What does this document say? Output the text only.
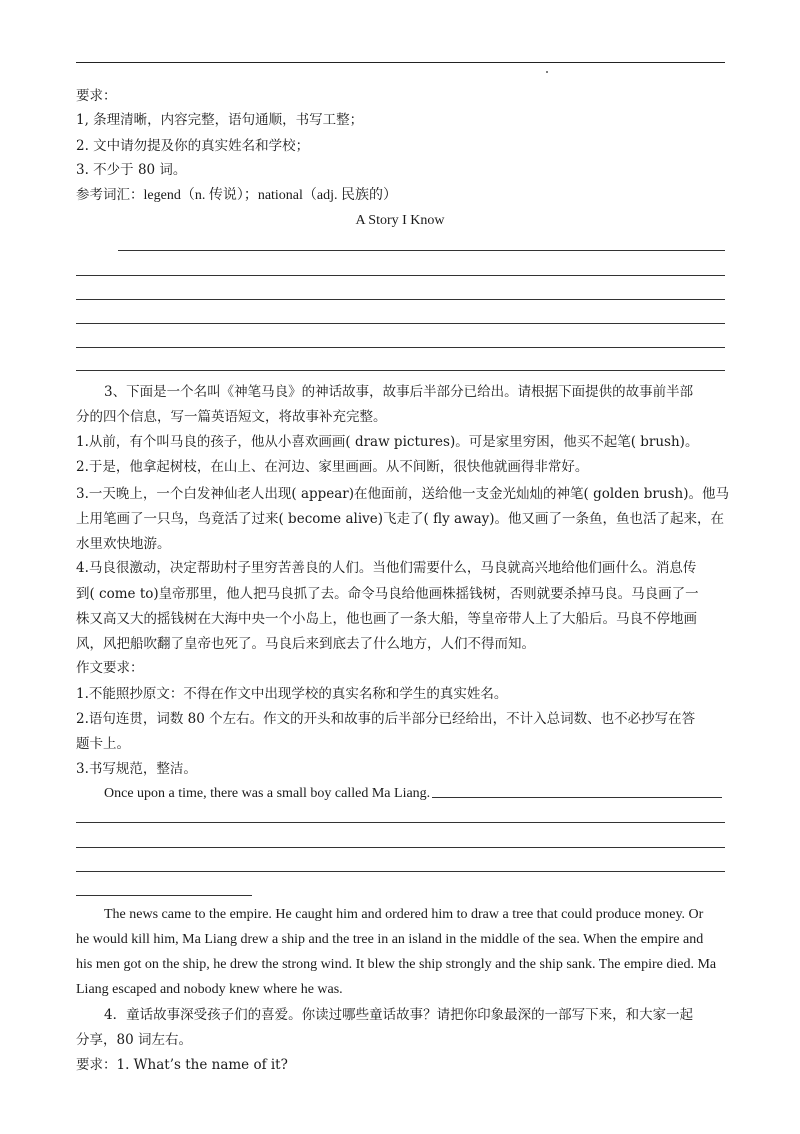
要求：
1, 条理清晰，内容完整，语句通顺，书写工整；
2. 文中请勿提及你的真实姓名和学校；
3. 不少于 80 词。
参考词汇：legend（n. 传说）；national（adj. 民族的）
A Story I Know
3、下面是一个名叫《神笔马良》的神话故事，故事后半部分已给出。请根据下面提供的故事前半部
分的四个信息，写一篇英语短文，将故事补充完整。
1.从前，有个叫马良的孩子，他从小喜欢画画( draw pictures)。可是家里穷困，他买不起笔( brush)。
2.于是，他拿起树枝，在山上、在河边、家里画画。从不间断，很快他就画得非常好。
3.一天晚上，一个白发神仙老人出现( appear)在他面前，送给他一支金光灿灿的神笔( golden brush)。他马
上用笔画了一只鸟，鸟竟活了过来( become alive)飞走了( fly away)。他又画了一条鱼，鱼也活了起来，在
水里欢快地游。
4.马良很激动，决定帮助村子里穷苦善良的人们。当他们需要什么，马良就高兴地给他们画什么。消息传
到( come to)皇帝那里，他人把马良抓了去。命令马良给他画株摇钱树，否则就要杀掉马良。马良画了一
株又高又大的摇钱树在大海中央一个小岛上，他也画了一条大船，等皇帝带人上了大船后。马良不停地画
风，风把船吹翻了皇帝也死了。马良后来到底去了什么地方，人们不得而知。
作文要求：
1.不能照抄原文：不得在作文中出现学校的真实名称和学生的真实姓名。
2.语句连贯，词数 80 个左右。作文的开头和故事的后半部分已经给出，不计入总词数、也不必抄写在答
题卡上。
3.书写规范，整洁。
Once upon a time, there was a small boy called Ma Liang.
The news came to the empire. He caught him and ordered him to draw a tree that could produce money. Or
he would kill him, Ma Liang drew a ship and the tree in an island in the middle of the sea. When the empire and
his men got on the ship, he drew the strong wind. It blew the ship strongly and the ship sank. The empire died. Ma
Liang escaped and nobody knew where he was.
4．童话故事深受孩子们的喜爱。你读过哪些童话故事？请把你印象最深的一部写下来，和大家一起
分享，80 词左右。
要求：1. What’s the name of it?
